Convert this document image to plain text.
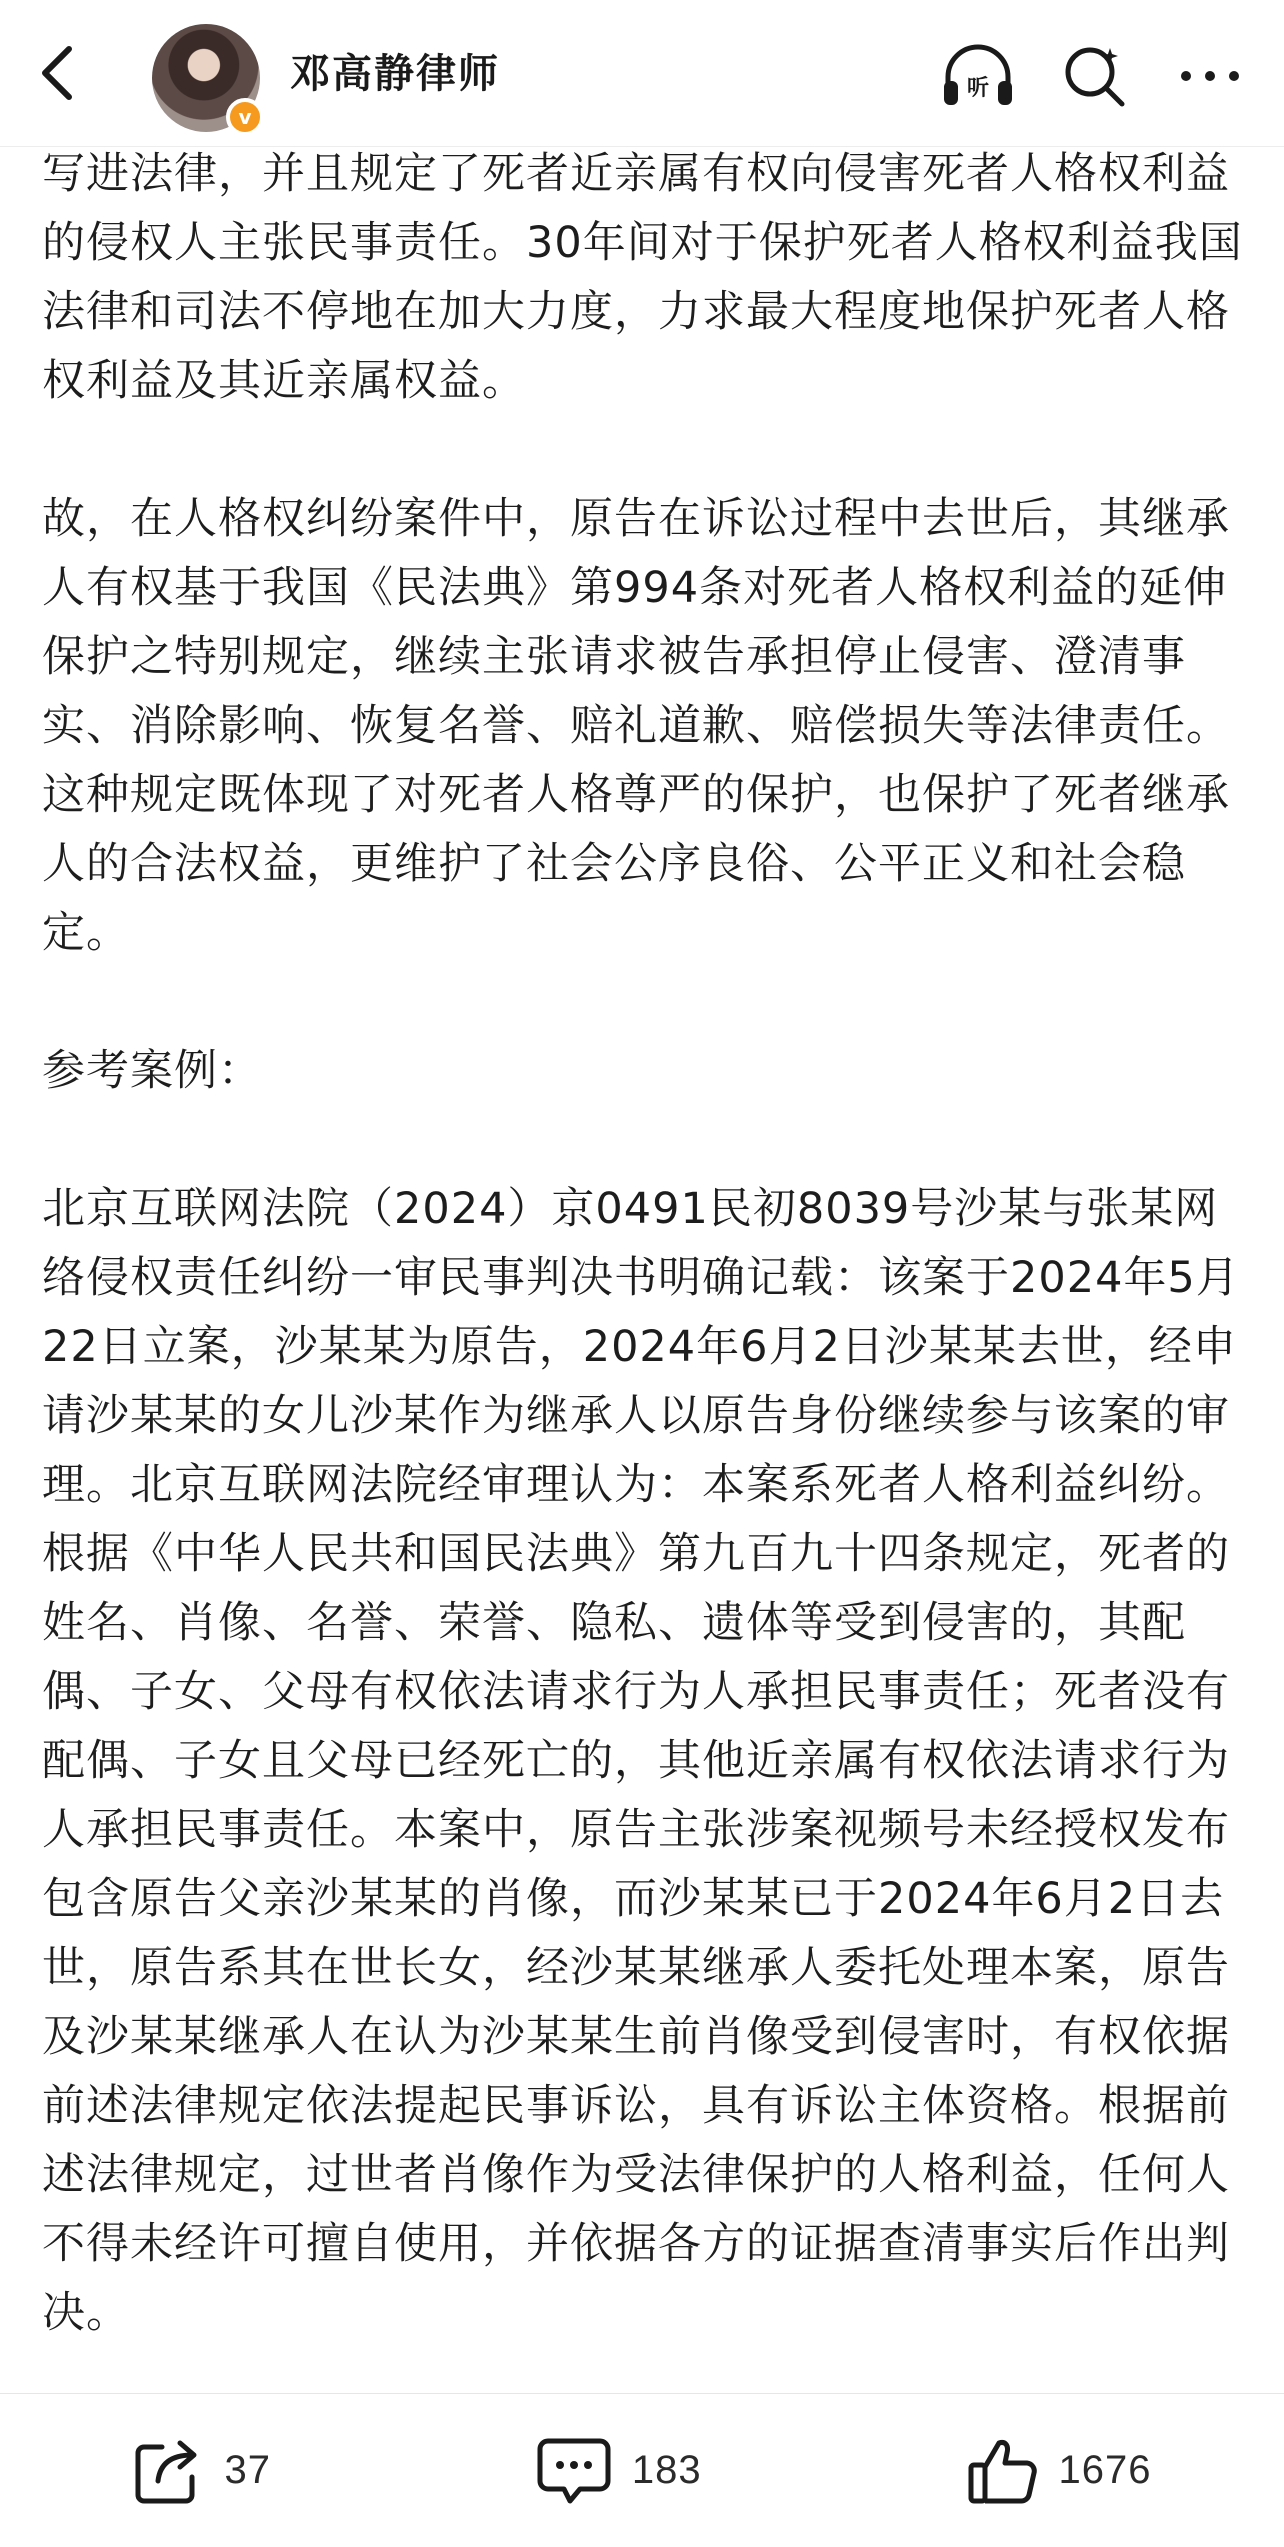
v
邓高静律师	听

写进法律，并且规定了死者近亲属有权向侵害死者人格权利益的侵权人主张民事责任。30年间对于保护死者人格权利益我国法律和司法不停地在加大力度，力求最大程度地保护死者人格权利益及其近亲属权益。

故，在人格权纠纷案件中，原告在诉讼过程中去世后，其继承人有权基于我国《民法典》第994条对死者人格权利益的延伸保护之特别规定，继续主张请求被告承担停止侵害、澄清事实、消除影响、恢复名誉、赔礼道歉、赔偿损失等法律责任。这种规定既体现了对死者人格尊严的保护，也保护了死者继承人的合法权益，更维护了社会公序良俗、公平正义和社会稳定。

参考案例：

北京互联网法院（2024）京0491民初8039号沙某与张某网络侵权责任纠纷一审民事判决书明确记载：该案于2024年5月22日立案，沙某某为原告，2024年6月2日沙某某去世，经申请沙某某的女儿沙某作为继承人以原告身份继续参与该案的审理。北京互联网法院经审理认为：本案系死者人格利益纠纷。根据《中华人民共和国民法典》第九百九十四条规定，死者的姓名、肖像、名誉、荣誉、隐私、遗体等受到侵害的，其配偶、子女、父母有权依法请求行为人承担民事责任；死者没有配偶、子女且父母已经死亡的，其他近亲属有权依法请求行为人承担民事责任。本案中，原告主张涉案视频号未经授权发布包含原告父亲沙某某的肖像，而沙某某已于2024年6月2日去世，原告系其在世长女，经沙某某继承人委托处理本案，原告及沙某某继承人在认为沙某某生前肖像受到侵害时，有权依据前述法律规定依法提起民事诉讼，具有诉讼主体资格。根据前述法律规定，过世者肖像作为受法律保护的人格利益，任何人不得未经许可擅自使用，并依据各方的证据查清事实后作出判决。

37	183	1676
